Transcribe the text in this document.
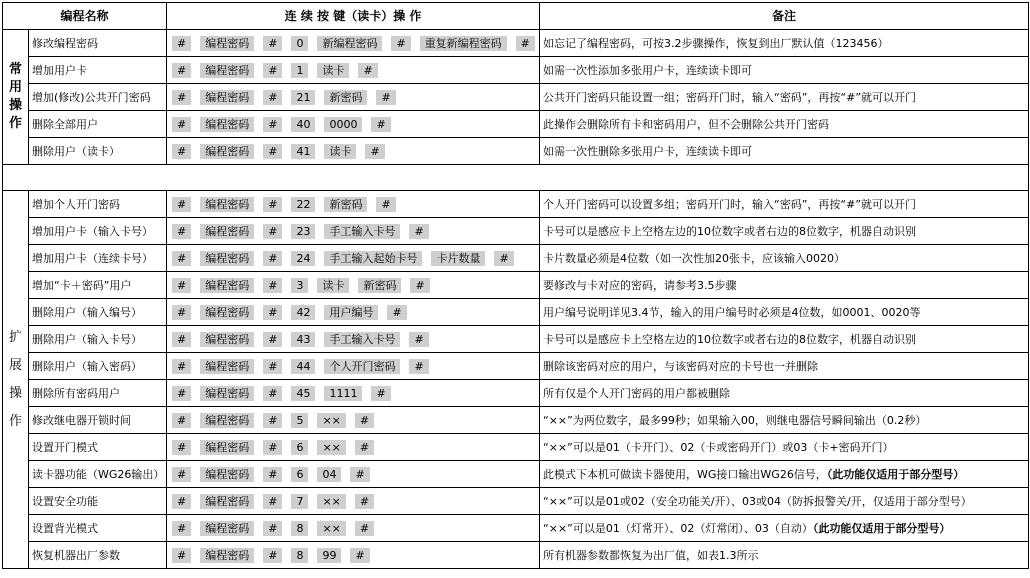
编程名称		连 续 按 键（读卡）操 作	备注

常
用
操
作	修改编程密码	# 编程密码 # 0 新编程密码 # 重复新编程密码 #	如忘记了编程密码，可按3.2步骤操作，恢复到出厂默认值（123456）
	增加用户卡	# 编程密码 # 1 读卡 #	如需一次性添加多张用户卡，连续读卡即可
	增加(修改)公共开门密码	# 编程密码 # 21 新密码 #	公共开门密码只能设置一组；密码开门时，输入“密码”，再按“#”就可以开门
	删除全部用户	# 编程密码 # 40 0000 #	此操作会删除所有卡和密码用户，但不会删除公共开门密码
	删除用户（读卡）	# 编程密码 # 41 读卡 #	如需一次性删除多张用户卡，连续读卡即可

扩
展
操
作	增加个人开门密码	# 编程密码 # 22 新密码 #	个人开门密码可以设置多组；密码开门时，输入“密码”，再按“#”就可以开门
	增加用户卡（输入卡号）	# 编程密码 # 23 手工输入卡号 #	卡号可以是感应卡上空格左边的10位数字或者右边的8位数字，机器自动识别
	增加用户卡（连续卡号）	# 编程密码 # 24 手工输入起始卡号 卡片数量 #	卡片数量必须是4位数（如一次性加20张卡，应该输入0020）
	增加“卡＋密码”用户	# 编程密码 # 3 读卡 新密码 #	要修改与卡对应的密码，请参考3.5步骤
	删除用户（输入编号）	# 编程密码 # 42 用户编号 #	用户编号说明详见3.4节，输入的用户编号时必须是4位数，如0001、0020等
	删除用户（输入卡号）	# 编程密码 # 43 手工输入卡号 #	卡号可以是感应卡上空格左边的10位数字或者右边的8位数字，机器自动识别
	删除用户（输入密码）	# 编程密码 # 44 个人开门密码 #	删除该密码对应的用户，与该密码对应的卡号也一并删除
	删除所有密码用户	# 编程密码 # 45 1111 #	所有仅是个人开门密码的用户都被删除
	修改继电器开锁时间	# 编程密码 # 5 ×× #	“××”为两位数字，最多99秒；如果输入00，则继电器信号瞬间输出（0.2秒）
	设置开门模式	# 编程密码 # 6 ×× #	“××”可以是01（卡开门）、02（卡或密码开门）或03（卡+密码开门）
	读卡器功能（WG26输出）	# 编程密码 # 6 04 #	此模式下本机可做读卡器使用，WG接口输出WG26信号，（此功能仅适用于部分型号）
	设置安全功能	# 编程密码 # 7 ×× #	“××”可以是01或02（安全功能关/开）、03或04（防拆报警关/开，仅适用于部分型号）
	设置背光模式	# 编程密码 # 8 ×× #	“××”可以是01（灯常开）、02（灯常闭）、03（自动）（此功能仅适用于部分型号）
	恢复机器出厂参数	# 编程密码 # 8 99 #	所有机器参数都恢复为出厂值，如表1.3所示
